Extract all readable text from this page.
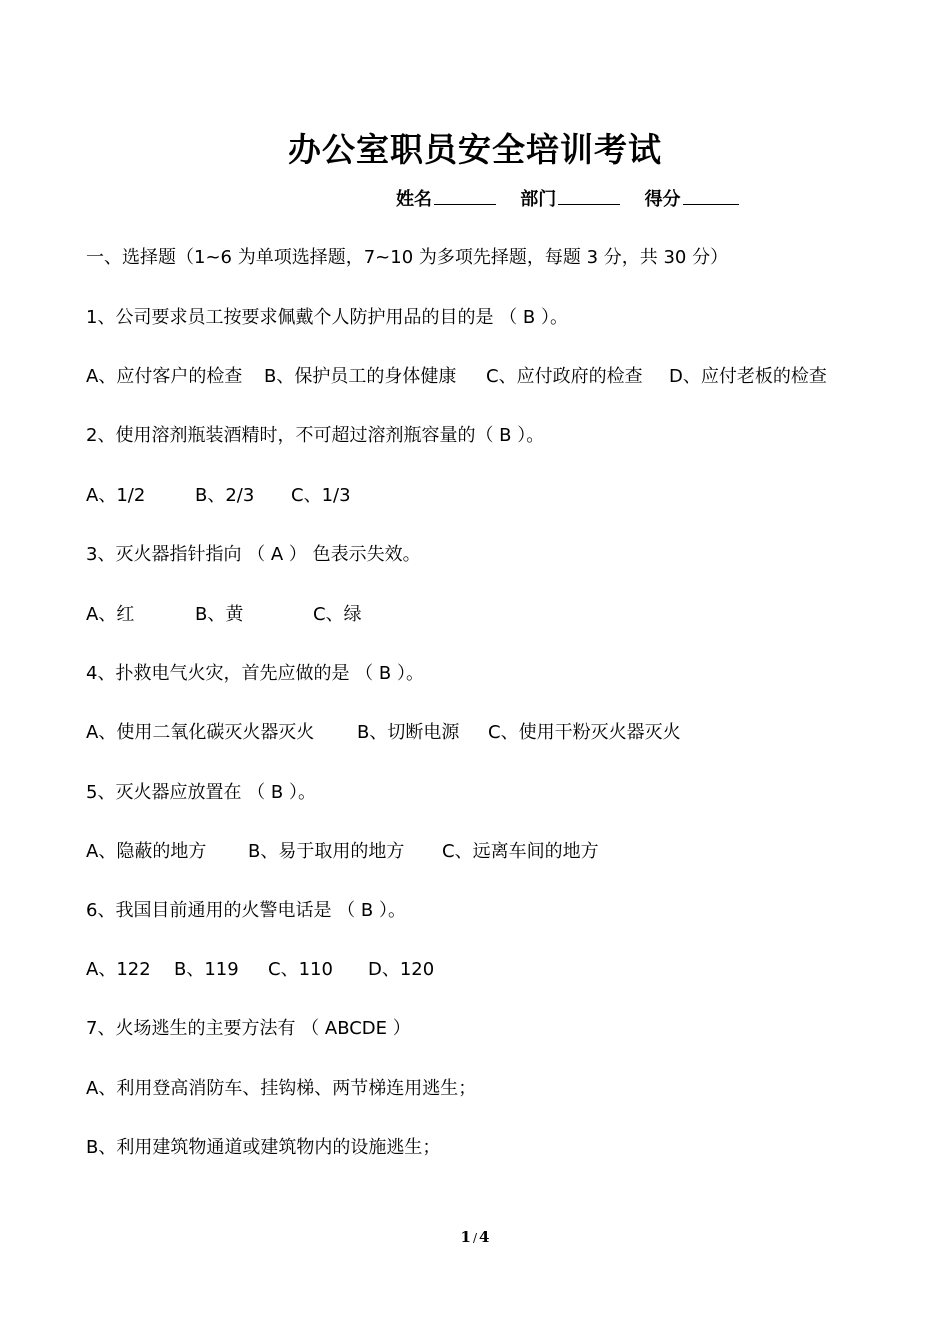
办公室职员安全培训考试
姓名	部门	得分
一、选择题（1~6 为单项选择题，7~10 为多项先择题，每题 3 分，共 30 分）
1、公司要求员工按要求佩戴个人防护用品的目的是 （ B ）。
A、应付客户的检查 B、保护员工的身体健康 C、应付政府的检查 D、应付老板的检查
2、使用溶剂瓶装酒精时，不可超过溶剂瓶容量的（ B ）。
A、1/2	B、2/3 C、1/3
3、灭火器指针指向 （ A ） 色表示失效。
A、红	B、黄	C、绿
4、扑救电气火灾，首先应做的是 （ B ）。
A、使用二氧化碳灭火器灭火 B、切断电源 C、使用干粉灭火器灭火
5、灭火器应放置在 （ B ）。
A、隐蔽的地方 B、易于取用的地方 C、远离车间的地方
6、我国目前通用的火警电话是 （ B ）。
A、122 B、119 C、110 D、120
7、火场逃生的主要方法有 （ ABCDE ）
A、利用登高消防车、挂钩梯、两节梯连用逃生；
B、利用建筑物通道或建筑物内的设施逃生；
1 / 4
